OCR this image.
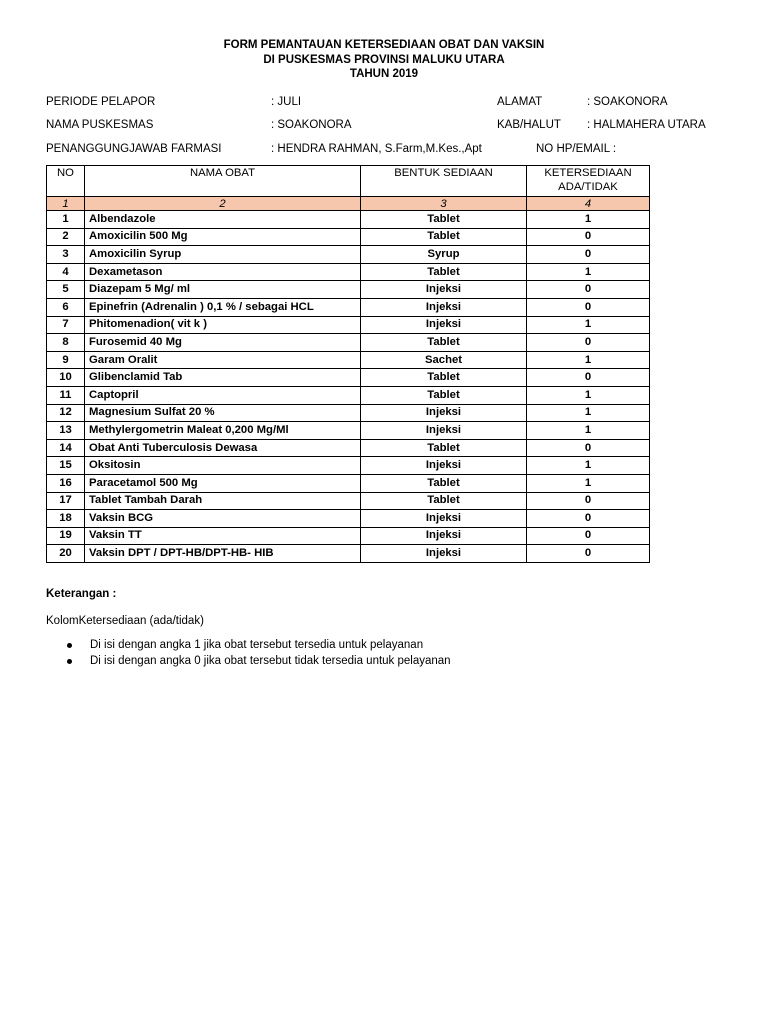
FORM PEMANTAUAN KETERSEDIAAN OBAT DAN VAKSIN
DI PUSKESMAS PROVINSI MALUKU UTARA
TAHUN 2019
PERIODE PELAPOR	: JULI	ALAMAT	: SOAKONORA
NAMA PUSKESMAS	: SOAKONORA	KAB/HALUT : HALMAHERA UTARA
PENANGGUNGJAWAB FARMASI	: HENDRA RAHMAN, S.Farm,M.Kes.,Apt	NO HP/EMAIL :
NO	NAMA OBAT	BENTUK SEDIAAN	KETERSEDIAAN
ADA/TIDAK

1	2	3	4
1	Albendazole	Tablet	1
2	Amoxicilin 500 Mg	Tablet	0
3	Amoxicilin Syrup	Syrup	0
4	Dexametason	Tablet	1
5	Diazepam 5 Mg/ ml	Injeksi	0
6	Epinefrin (Adrenalin ) 0,1 % / sebagai HCL	Injeksi	0
7	Phitomenadion( vit k )	Injeksi	1
8	Furosemid 40 Mg	Tablet	0
9	Garam Oralit	Sachet	1
10	Glibenclamid Tab	Tablet	0
11	Captopril	Tablet	1
12	Magnesium Sulfat 20 %	Injeksi	1
13	Methylergometrin Maleat 0,200 Mg/Ml	Injeksi	1
14	Obat Anti Tuberculosis Dewasa	Tablet	0
15	Oksitosin	Injeksi	1
16	Paracetamol 500 Mg	Tablet	1
17	Tablet Tambah Darah	Tablet	0
18	Vaksin BCG	Injeksi	0
19	Vaksin TT	Injeksi	0
20	Vaksin DPT / DPT-HB/DPT-HB- HIB	Injeksi	0
Keterangan :
KolomKetersediaan (ada/tidak)
Di isi dengan angka 1 jika obat tersebut tersedia untuk pelayanan
Di isi dengan angka 0 jika obat tersebut tidak tersedia untuk pelayanan
